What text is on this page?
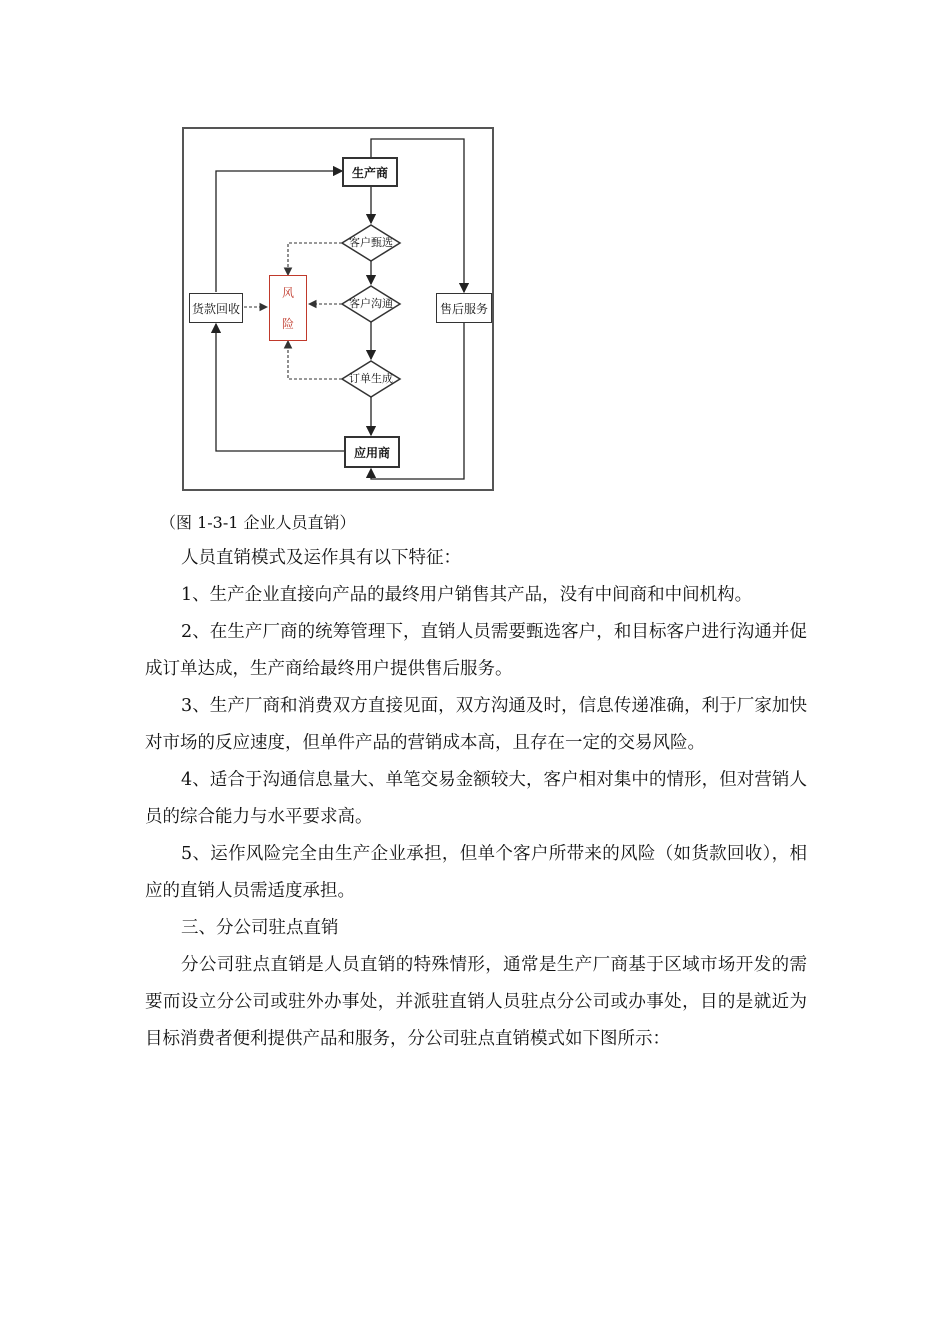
生产商
客户甄选
客户沟通
订单生成
应用商
货款回收	售后服务
风
险
（图 1-3-1 企业人员直销）
人员直销模式及运作具有以下特征：
1、生产企业直接向产品的最终用户销售其产品，没有中间商和中间机构。
2、在生产厂商的统筹管理下，直销人员需要甄选客户，和目标客户进行沟通并促成订单达成，生产商给最终用户提供售后服务。
3、生产厂商和消费双方直接见面，双方沟通及时，信息传递准确，利于厂家加快对市场的反应速度，但单件产品的营销成本高，且存在一定的交易风险。
4、适合于沟通信息量大、单笔交易金额较大，客户相对集中的情形，但对营销人员的综合能力与水平要求高。
5、运作风险完全由生产企业承担，但单个客户所带来的风险（如货款回收），相应的直销人员需适度承担。
三、分公司驻点直销
分公司驻点直销是人员直销的特殊情形，通常是生产厂商基于区域市场开发的需要而设立分公司或驻外办事处，并派驻直销人员驻点分公司或办事处，目的是就近为目标消费者便利提供产品和服务，分公司驻点直销模式如下图所示：
